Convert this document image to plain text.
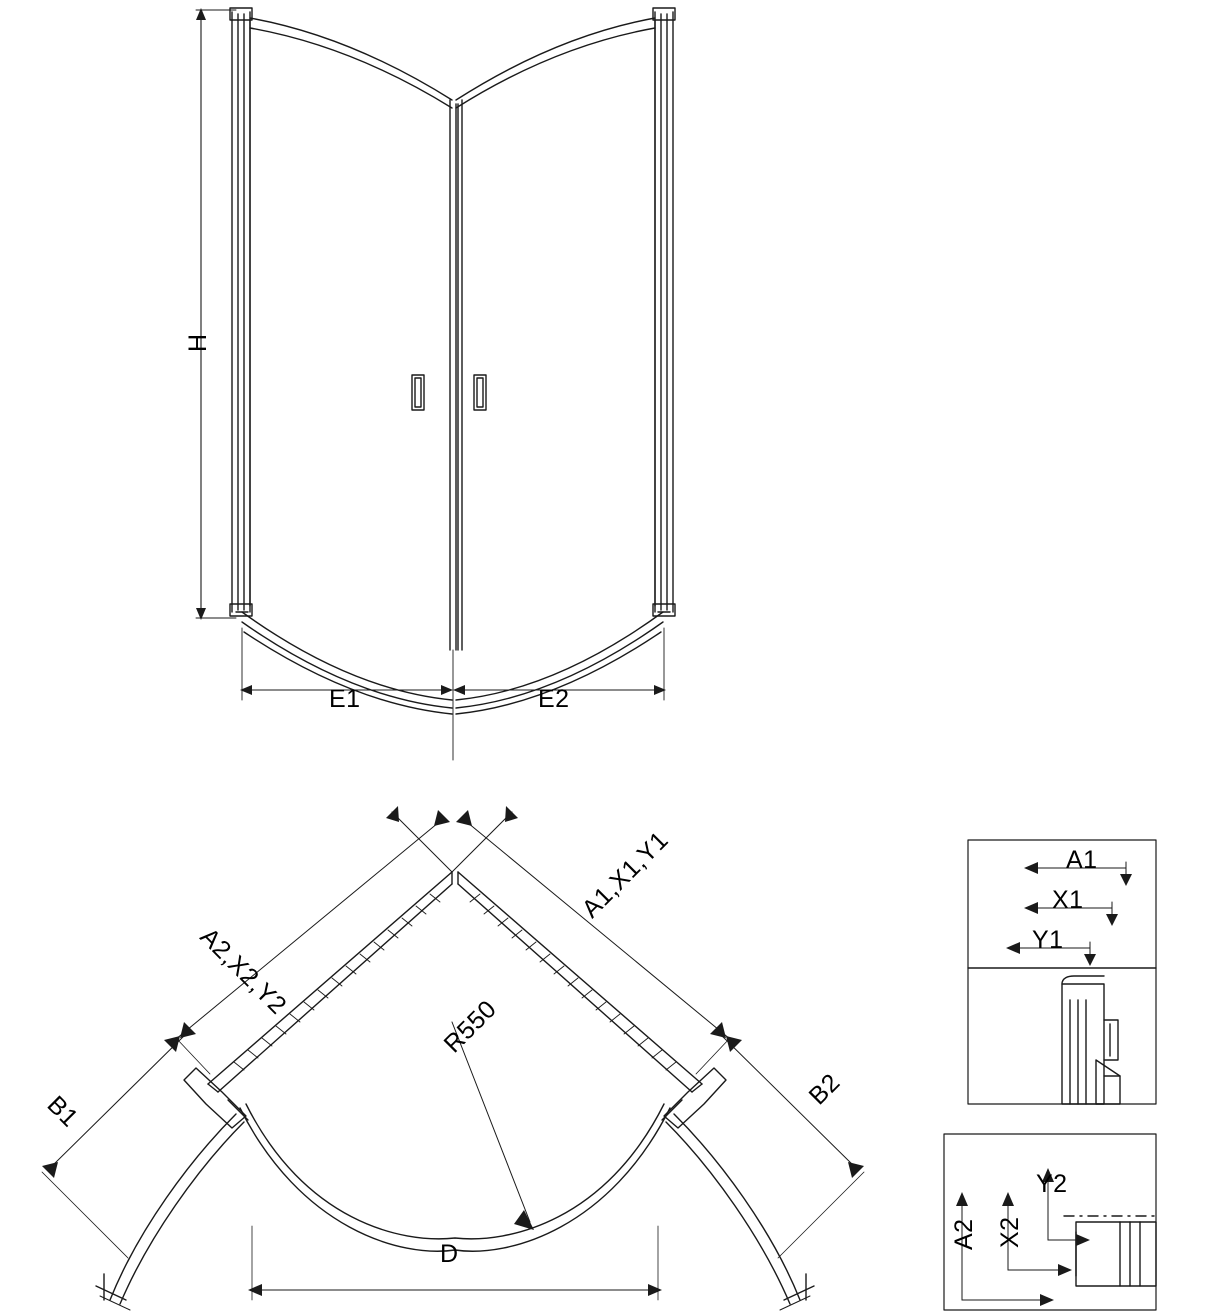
H
E1	E2
A2,X2,Y2
A1,X1,Y1
B1
B2
R550
D
A1
X1
Y1
A2 X2
Y2
